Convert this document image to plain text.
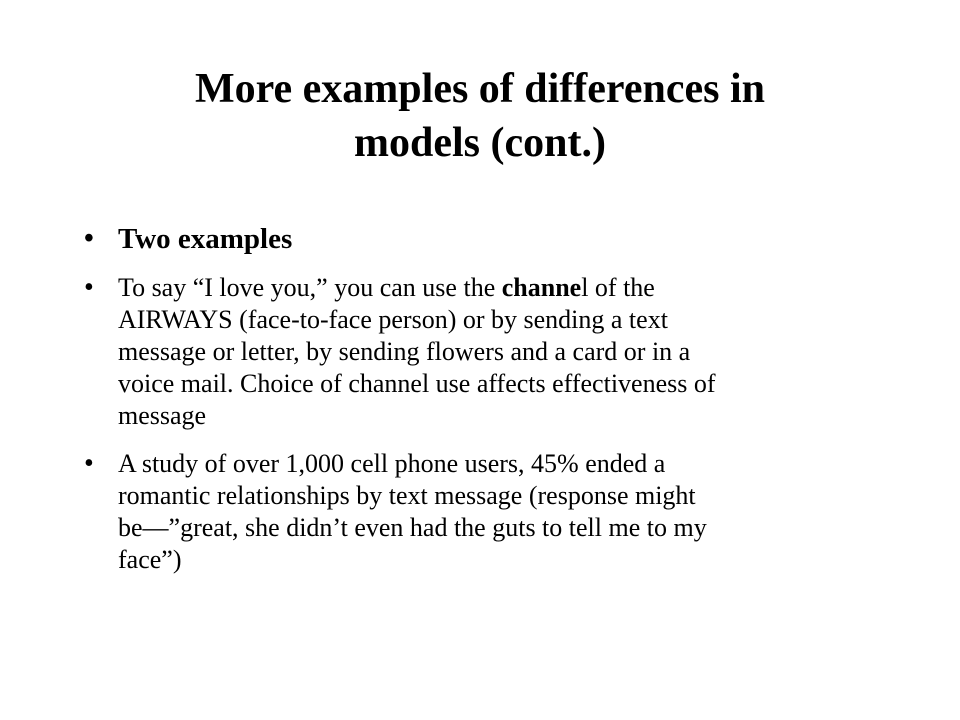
More examples of differences in
models (cont.)
• Two examples
• To say “I love you,” you can use the channel of the
AIRWAYS (face-to-face person) or by sending a text
message or letter, by sending flowers and a card or in a
voice mail. Choice of channel use affects effectiveness of
message
• A study of over 1,000 cell phone users, 45% ended a
romantic relationships by text message (response might
be—”great, she didn’t even had the guts to tell me to my
face”)
